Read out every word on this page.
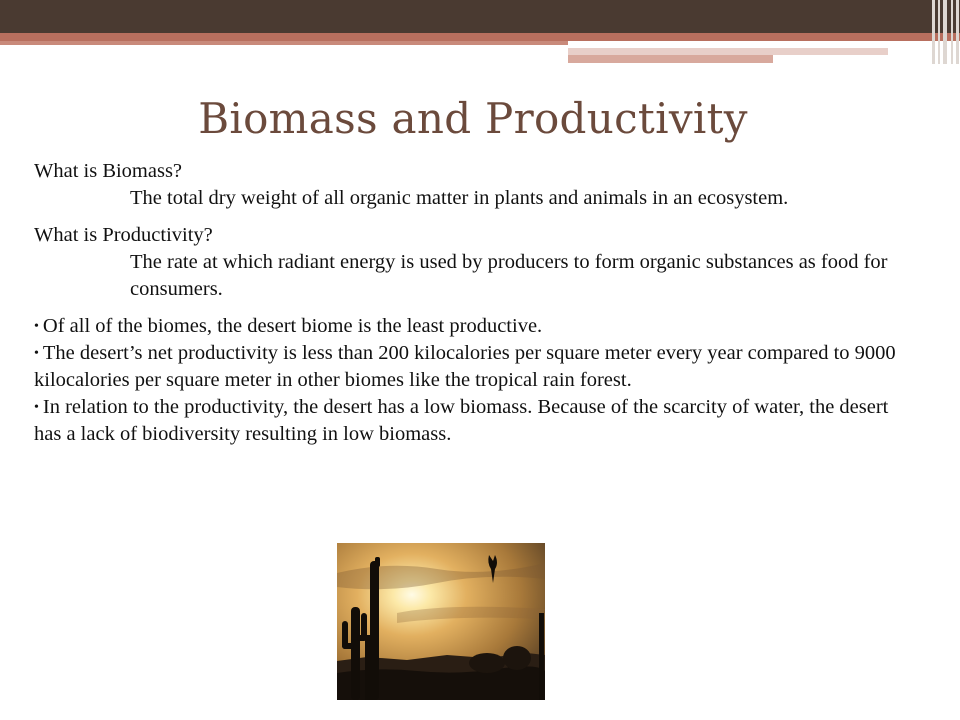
Biomass and Productivity

What is Biomass?

The total dry weight of all organic matter in plants and animals in an ecosystem.

What is Productivity?

The rate at which radiant energy is used by producers to form organic substances as food for consumers.

• Of all of the biomes, the desert biome is the least productive.

• The desert’s net productivity is less than 200 kilocalories per square meter every year compared to 9000 kilocalories per square meter in other biomes like the tropical rain forest.

• In relation to the productivity, the desert has a low biomass. Because of the scarcity of water, the desert has a lack of biodiversity resulting in low biomass.
